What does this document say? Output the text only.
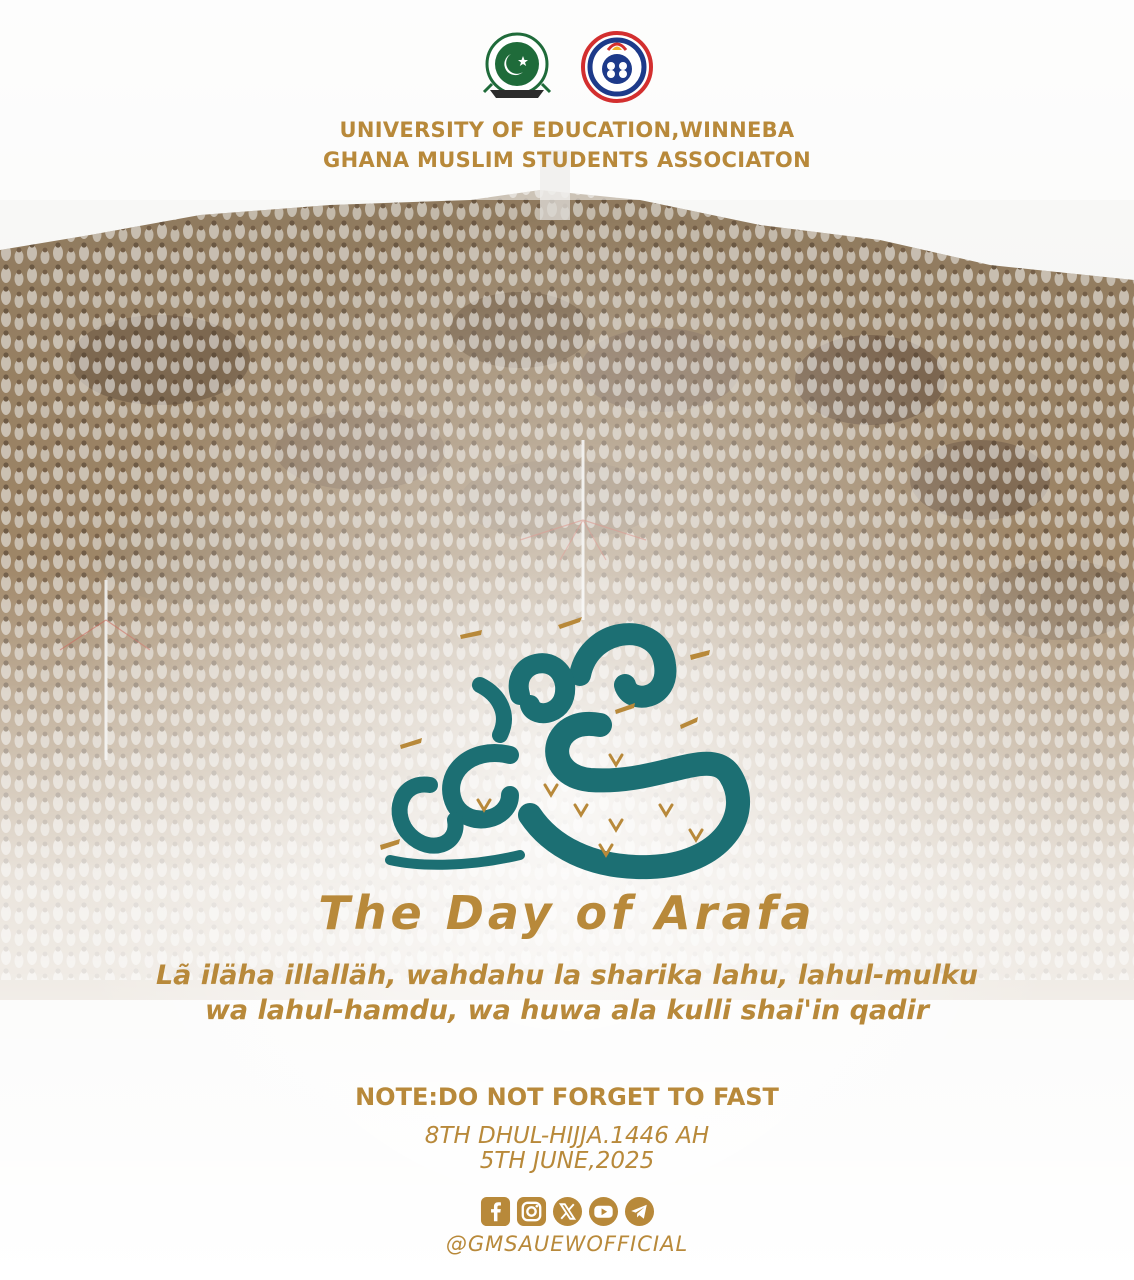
UNIVERSITY OF EDUCATION,WINNEBA
GHANA MUSLIM STUDENTS ASSOCIATON
The Day of Arafa
Lã iläha illalläh, wahdahu la sharika lahu, lahul-mulku wa lahul-hamdu, wa huwa ala kulli shai'in qadir
NOTE:DO NOT FORGET TO FAST
8TH DHUL-HIJJA.1446 AH
5TH JUNE,2025
@GMSAUEWOFFICIAL
